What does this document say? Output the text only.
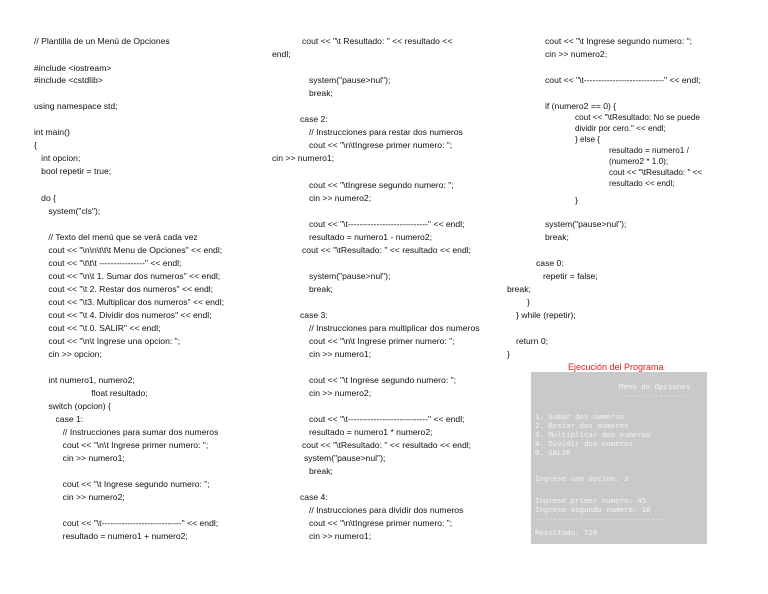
// Plantilla de un Menú de Opciones
#include <iostream>
#include <cstdlib>
using namespace std;
int main()
{
int opcion;
bool repetir = true;
do {
system("cls");
// Texto del menú que se verá cada vez
cout << "\n\n\t\t\t Menu de Opciones" << endl;
cout << "\t\t\t ----------------" << endl;
cout << "\n\t 1. Sumar dos numeros" << endl;
cout << "\t 2. Restar dos numeros" << endl;
cout << "\t3. Multiplicar dos numeros" << endl;
cout << "\t 4. Dividir dos numeros" << endl;
cout << "\t 0. SALIR" << endl;
cout << "\n\t Ingrese una opcion: ";
cin >> opcion;
int numero1, numero2;
float resultado;
switch (opcion) {
case 1:
// Instrucciones para sumar dos numeros
cout << "\n\t Ingrese primer numero: ";
cin >> numero1;
cout << "\t Ingrese segundo numero: ";
cin >> numero2;
cout << "\t----------------------------" << endl;
resultado = numero1 + numero2;
cout << "\t Resultado: " << resultado <<
endl;
system("pause>nul");
break;
case 2:
// Instrucciones para restar dos numeros
cout << "\n\tIngrese primer numero: ";
cin >> numero1;
cout << "\tIngrese segundo numero: ";
cin >> numero2;
cout << "\t----------------------------" << endl;
resultado = numero1 - numero2;
cout << "\tResultado: " << resultado << endl;
system("pause>nul");
break;
case 3:
// Instrucciones para multiplicar dos numeros
cout << "\n\t Ingrese primer numero: ";
cin >> numero1;
cout << "\t Ingrese segundo numero: ";
cin >> numero2;
cout << "\t----------------------------" << endl;
resultado = numero1 * numero2;
cout << "\tResultado: " << resultado << endl;
system("pause>nul");
break;
case 4:
// Instrucciones para dividir dos numeros
cout << "\n\tIngrese primer numero: ";
cin >> numero1;
cout << "\t Ingrese segundo numero: ";
cin >> numero2;
cout << "\t----------------------------" << endl;
if (numero2 == 0) {
cout << "\tResultado: No se puede
dividir por cero." << endl;
} else {
resultado = numero1 /
(numero2 * 1.0);
cout << "\tResultado: " <<
resultado << endl;
}
system("pause>nul");
break;
case 0:
repetir = false;
break;
}
} while (repetir);
return 0;
}
Ejecución del Programa
Menu de Opciones
----------------
1. Sumar dos numeros
2. Restar dos numeros
3. Multiplicar dos numeros
4. Dividir dos numeros
0. SALIR
Ingrese una opcion: 3
Ingrese primer numero: 45
Ingrese segundo numero: 16
------------------------------
Resultado: 720
